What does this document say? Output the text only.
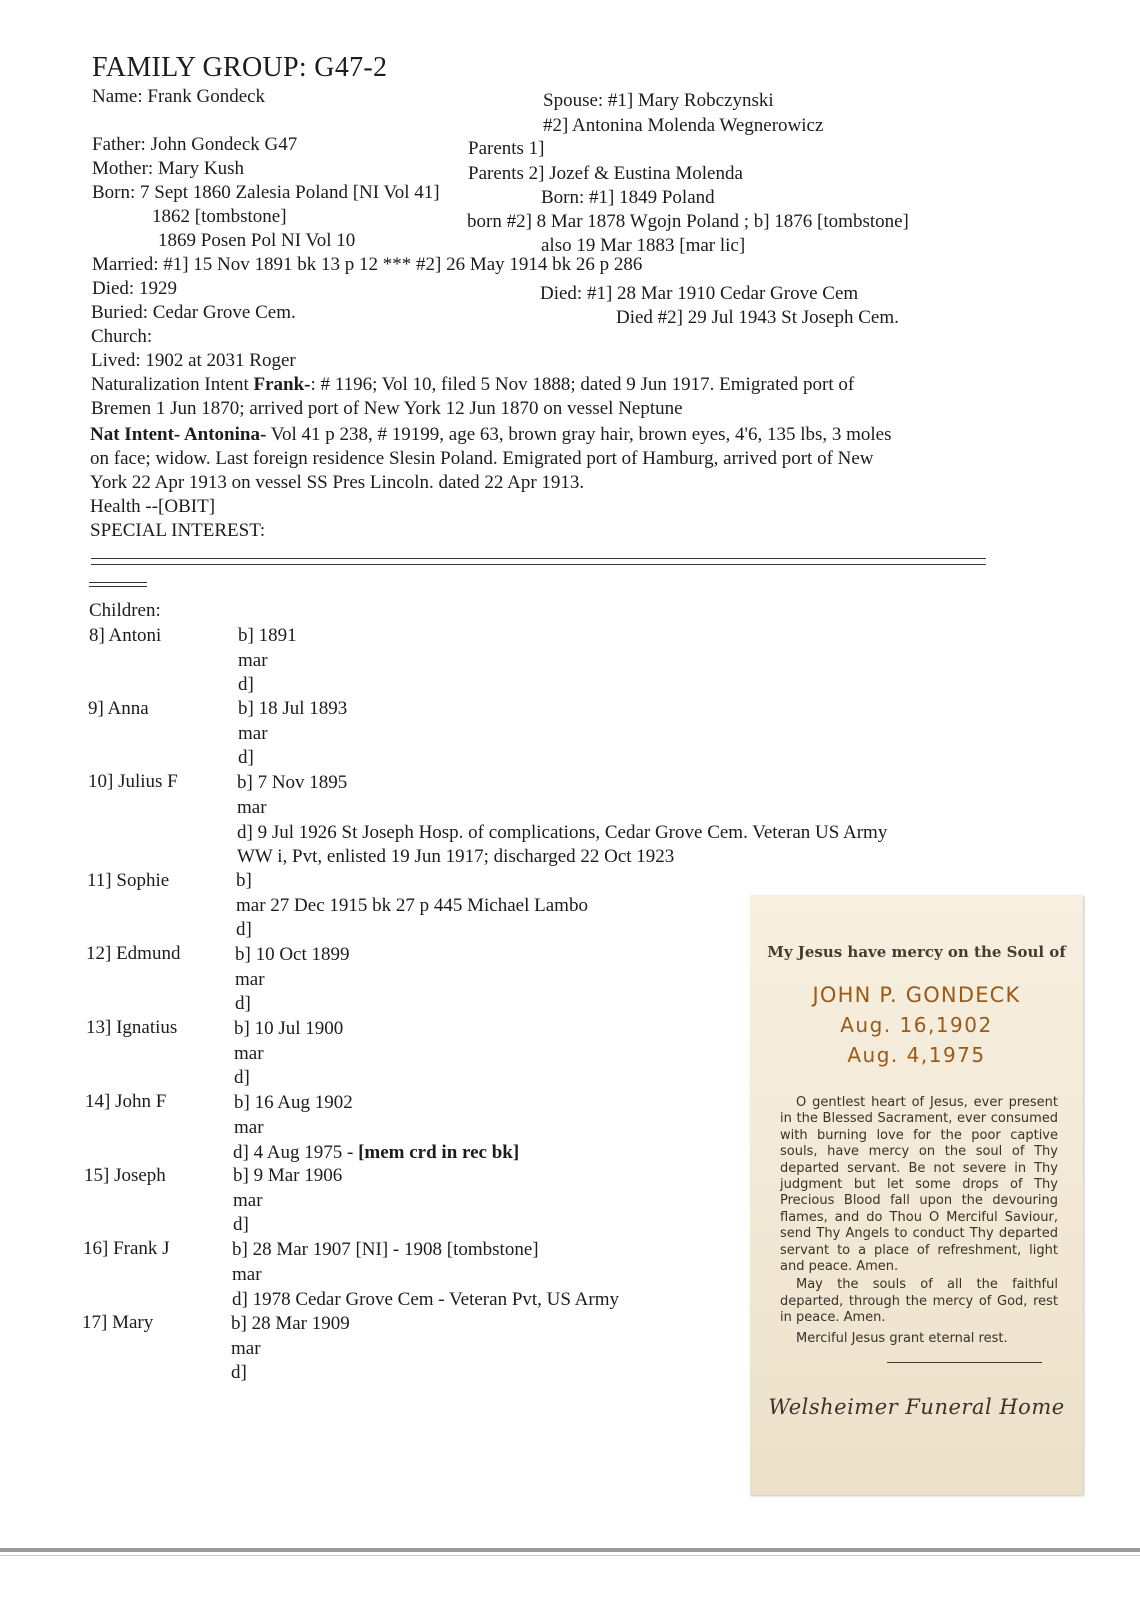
FAMILY GROUP: G47-2
Name: Frank Gondeck	Spouse: #1] Mary Robczynski
#2] Antonina Molenda Wegnerowicz
Father: John Gondeck G47	Parents 1]
Mother: Mary Kush	Parents 2] Jozef & Eustina Molenda
Born: 7 Sept 1860 Zalesia Poland [NI Vol 41]	Born: #1] 1849 Poland
1862 [tombstone]	born #2] 8 Mar 1878 Wgojn Poland ; b] 1876 [tombstone]
1869 Posen Pol NI Vol 10	also 19 Mar 1883 [mar lic]
Married: #1] 15 Nov 1891 bk 13 p 12 *** #2] 26 May 1914 bk 26 p 286
Died: 1929	Died: #1] 28 Mar 1910 Cedar Grove Cem
Buried: Cedar Grove Cem.	Died #2] 29 Jul 1943 St Joseph Cem.
Church:
Lived: 1902 at 2031 Roger
Naturalization Intent Frank-: # 1196; Vol 10, filed 5 Nov 1888; dated 9 Jun 1917. Emigrated port of
Bremen 1 Jun 1870; arrived port of New York 12 Jun 1870 on vessel Neptune
Nat Intent- Antonina- Vol 41 p 238, # 19199, age 63, brown gray hair, brown eyes, 4'6, 135 lbs, 3 moles
on face; widow. Last foreign residence Slesin Poland. Emigrated port of Hamburg, arrived port of New
York 22 Apr 1913 on vessel SS Pres Lincoln. dated 22 Apr 1913.
Health --[OBIT]
SPECIAL INTEREST:
Children:
8] Antoni	b] 1891
mar
d]
9] Anna	b] 18 Jul 1893
mar
d]
10] Julius F	b] 7 Nov 1895
mar
d] 9 Jul 1926 St Joseph Hosp. of complications, Cedar Grove Cem. Veteran US Army
WW i, Pvt, enlisted 19 Jun 1917; discharged 22 Oct 1923
11] Sophie	b]
mar 27 Dec 1915 bk 27 p 445 Michael Lambo
d]
12] Edmund	b] 10 Oct 1899
mar
d]
13] Ignatius	b] 10 Jul 1900
mar
d]
14] John F	b] 16 Aug 1902
mar
d] 4 Aug 1975 - [mem crd in rec bk]
15] Joseph	b] 9 Mar 1906
mar
d]
16] Frank J	b] 28 Mar 1907 [NI] - 1908 [tombstone]
mar
d] 1978 Cedar Grove Cem - Veteran Pvt, US Army
17] Mary	b] 28 Mar 1909
mar
d]
My Jesus have mercy on the Soul of
JOHN P. GONDECK
Aug. 16,1902
Aug. 4,1975

O gentlest heart of Jesus, ever present in the Blessed Sacrament, ever consumed with burning love for the poor captive souls, have mercy on the soul of Thy departed servant. Be not severe in Thy judgment but let some drops of Thy Precious Blood fall upon the devouring flames, and do Thou O Merciful Saviour, send Thy Angels to conduct Thy departed servant to a place of refreshment, light and peace. Amen.

May the souls of all the faithful departed, through the mercy of God, rest in peace. Amen.

Merciful Jesus grant eternal rest.

Welsheimer Funeral Home
